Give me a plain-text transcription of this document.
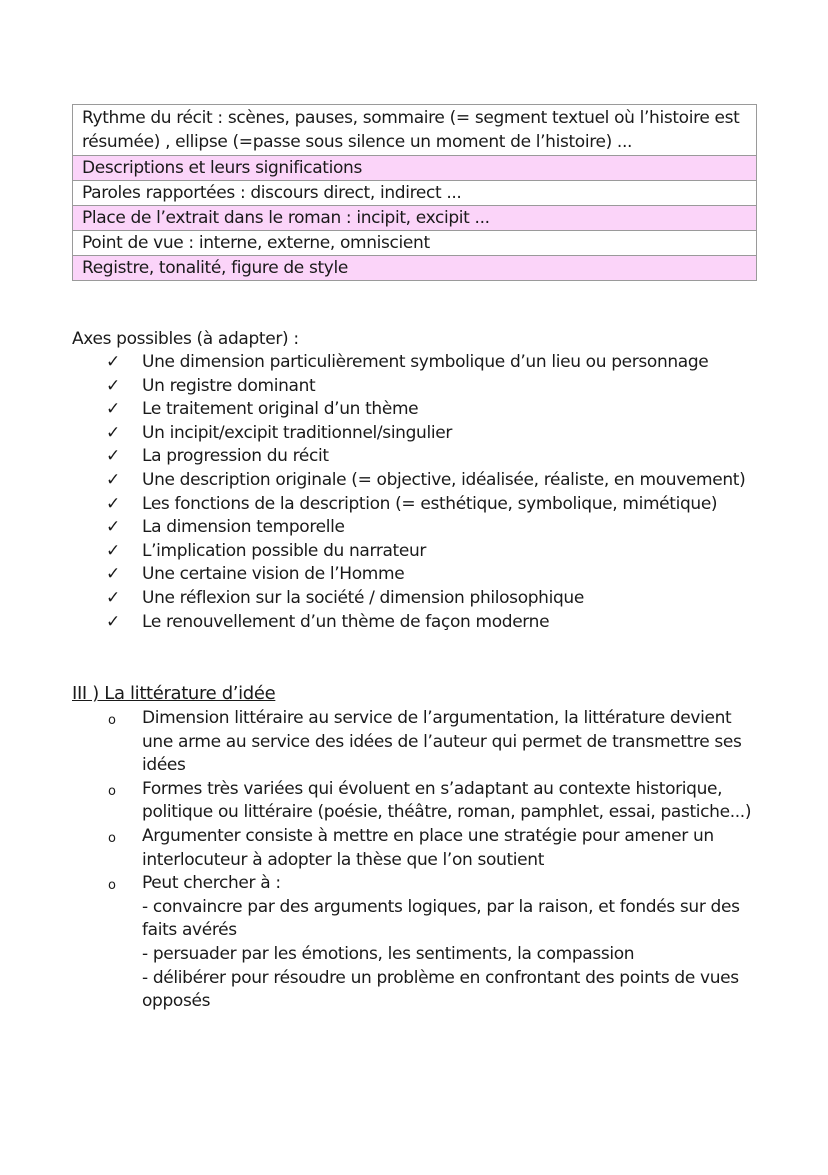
Rythme du récit : scènes, pauses, sommaire (= segment textuel où l’histoire est résumée) , ellipse (=passe sous silence un moment de l’histoire) ...
Descriptions et leurs significations
Paroles rapportées : discours direct, indirect ...
Place de l’extrait dans le roman : incipit, excipit ...
Point de vue : interne, externe, omniscient
Registre, tonalité, figure de style

Axes possibles (à adapter) :

✓ Une dimension particulièrement symbolique d’un lieu ou personnage
✓ Un registre dominant
✓ Le traitement original d’un thème
✓ Un incipit/excipit traditionnel/singulier
✓ La progression du récit
✓ Une description originale (= objective, idéalisée, réaliste, en mouvement)
✓ Les fonctions de la description (= esthétique, symbolique, mimétique)
✓ La dimension temporelle
✓ L’implication possible du narrateur
✓ Une certaine vision de l’Homme
✓ Une réflexion sur la société / dimension philosophique
✓ Le renouvellement d’un thème de façon moderne
III ) La littérature d’idée
o Dimension littéraire au service de l’argumentation, la littérature devient une arme au service des idées de l’auteur qui permet de transmettre ses idées
o Formes très variées qui évoluent en s’adaptant au contexte historique, politique ou littéraire (poésie, théâtre, roman, pamphlet, essai, pastiche...)
o Argumenter consiste à mettre en place une stratégie pour amener un interlocuteur à adopter la thèse que l’on soutient
o Peut chercher à :
- convaincre par des arguments logiques, par la raison, et fondés sur des faits avérés
- persuader par les émotions, les sentiments, la compassion
- délibérer pour résoudre un problème en confrontant des points de vues opposés
